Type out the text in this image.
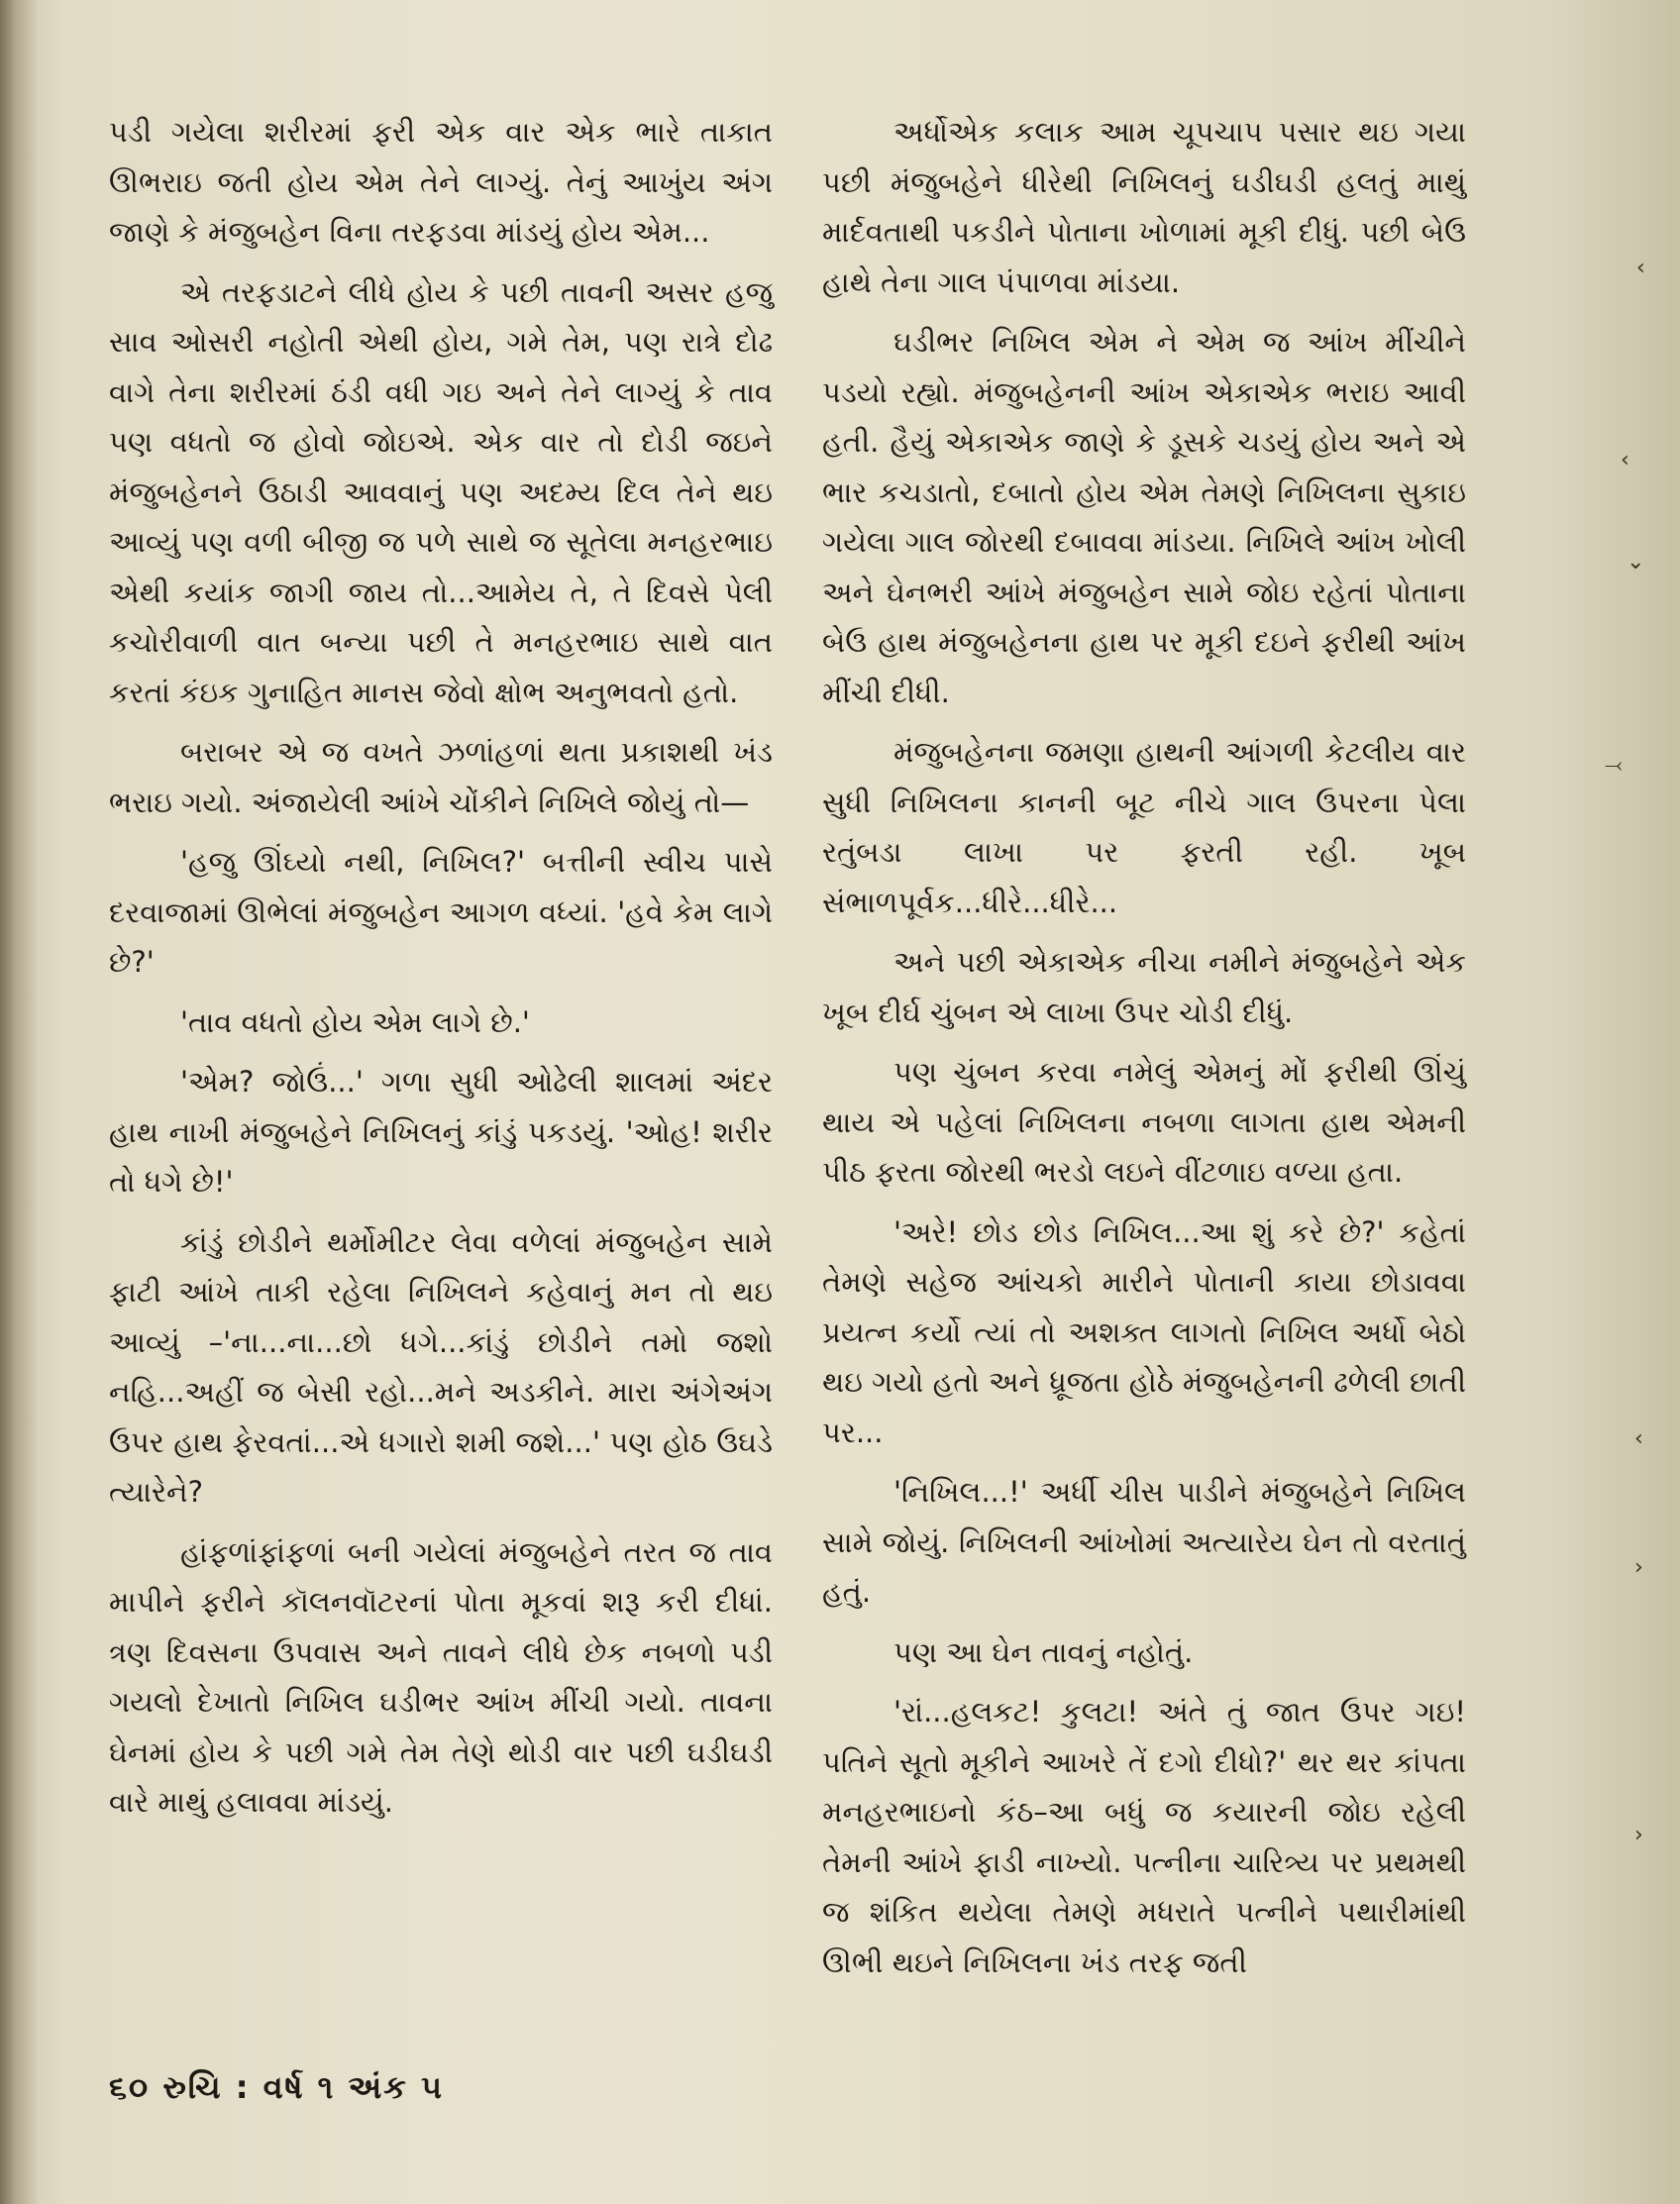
પડી ગયેલા શરીરમાં ફરી એક વાર એક ભારે તાકાત ઊભરાઇ જતી હોય એમ તેને લાગ્યું. તેનું આખુંય અંગ જાણે કે મંજુબહેન વિના તરફડવા માંડયું હોય એમ...

એ તરફડાટને લીધે હોય કે પછી તાવની અસર હજુ સાવ ઓસરી નહોતી એથી હોય, ગમે તેમ, પણ રાત્રે દોઢ વાગે તેના શરીરમાં ઠંડી વધી ગઇ અને તેને લાગ્યું કે તાવ પણ વધતો જ હોવો જોઇએ. એક વાર તો દોડી જઇને મંજુબહેનને ઉઠાડી આવવાનું પણ અદમ્ય દિલ તેને થઇ આવ્યું પણ વળી બીજી જ પળે સાથે જ સૂતેલા મનહરભાઇ એથી કયાંક જાગી જાય તો...આમેય તે, તે દિવસે પેલી કચોરીવાળી વાત બન્યા પછી તે મનહરભાઇ સાથે વાત કરતાં કંઇક ગુનાહિત માનસ જેવો ક્ષોભ અનુભવતો હતો.

બરાબર એ જ વખતે ઝળાંહળાં થતા પ્રકાશથી ખંડ ભરાઇ ગયો. અંજાયેલી આંખે ચોંકીને નિખિલે જોયું તો—

'હજુ ઊંઘ્યો નથી, નિખિલ?' બત્તીની સ્વીચ પાસે દરવાજામાં ઊભેલાં મંજુબહેન આગળ વધ્યાં. 'હવે કેમ લાગે છે?'

'તાવ વધતો હોય એમ લાગે છે.'

'એમ? જોઉં...' ગળા સુધી ઓઢેલી શાલમાં અંદર હાથ નાખી મંજુબહેને નિખિલનું કાંડું પકડયું. 'ઓહ! શરીર તો ધગે છે!'

કાંડું છોડીને થર્મોમીટર લેવા વળેલાં મંજુબહેન સામે ફાટી આંખે તાકી રહેલા નિખિલને કહેવાનું મન તો થઇ આવ્યું –'ના...ના...છો ધગે...કાંડું છોડીને તમો જશો નહિ...અહીં જ બેસી રહો...મને અડકીને. મારા અંગેઅંગ ઉપર હાથ ફેરવતાં...એ ધગારો શમી જશે...' પણ હોઠ ઉઘડે ત્યારેને?

હાંફળાંફાંફળાં બની ગયેલાં મંજુબહેને તરત જ તાવ માપીને ફરીને કૉલનવૉટરનાં પોતા મૂકવાં શરૂ કરી દીધાં. ત્રણ દિવસના ઉપવાસ અને તાવને લીધે છેક નબળો પડી ગયલો દેખાતો નિખિલ ઘડીભર આંખ મીંચી ગયો. તાવના ઘેનમાં હોય કે પછી ગમે તેમ તેણે થોડી વાર પછી ઘડીઘડી વારે માથું હલાવવા માંડયું.

અર્ધોએક કલાક આમ ચૂપચાપ પસાર થઇ ગયા પછી મંજુબહેને ધીરેથી નિખિલનું ઘડીઘડી હલતું માથું માર્દવતાથી પકડીને પોતાના ખોળામાં મૂકી દીધું. પછી બેઉ હાથે તેના ગાલ પંપાળવા માંડયા.

ઘડીભર નિખિલ એમ ને એમ જ આંખ મીંચીને પડયો રહ્યો. મંજુબહેનની આંખ એકાએક ભરાઇ આવી હતી. હૈયું એકાએક જાણે કે ડૂસકે ચડયું હોય અને એ ભાર કચડાતો, દબાતો હોય એમ તેમણે નિખિલના સુકાઇ ગયેલા ગાલ જોરથી દબાવવા માંડયા. નિખિલે આંખ ખોલી અને ઘેનભરી આંખે મંજુબહેન સામે જોઇ રહેતાં પોતાના બેઉ હાથ મંજુબહેનના હાથ પર મૂકી દઇને ફરીથી આંખ મીંચી દીધી.

મંજુબહેનના જમણા હાથની આંગળી કેટલીય વાર સુધી નિખિલના કાનની બૂટ નીચે ગાલ ઉપરના પેલા રતુંબડા લાખા પર ફરતી રહી. ખૂબ સંભાળપૂર્વક...ધીરે...ધીરે...

અને પછી એકાએક નીચા નમીને મંજુબહેને એક ખૂબ દીર્ઘ ચુંબન એ લાખા ઉપર ચોડી દીધું.

પણ ચુંબન કરવા નમેલું એમનું મોં ફરીથી ઊંચું થાય એ પહેલાં નિખિલના નબળા લાગતા હાથ એમની પીઠ ફરતા જોરથી ભરડો લઇને વીંટળાઇ વળ્યા હતા.

'અરે! છોડ છોડ નિખિલ...આ શું કરે છે?' કહેતાં તેમણે સહેજ આંચકો મારીને પોતાની કાયા છોડાવવા પ્રયત્ન કર્યો ત્યાં તો અશક્ત લાગતો નિખિલ અર્ધો બેઠો થઇ ગયો હતો અને ધ્રૂજતા હોઠે મંજુબહેનની ઢળેલી છાતી પર...

'નિખિલ...!' અર્ધી ચીસ પાડીને મંજુબહેને નિખિલ સામે જોયું. નિખિલની આંખોમાં અત્યારેય ઘેન તો વરતાતું હતું.

પણ આ ઘેન તાવનું નહોતું.

'રાં...હલકટ! કુલટા! અંતે તું જાત ઉપર ગઇ! પતિને સૂતો મૂકીને આખરે તેં દગો દીધો?' થર થર કાંપતા મનહરભાઇનો કંઠ–આ બધું જ કયારની જોઇ રહેલી તેમની આંખે ફાડી નાખ્યો. પત્નીના ચારિત્ર્ય પર પ્રથમથી જ શંકિત થયેલા તેમણે મધરાતે પત્નીને પથારીમાંથી ઊભી થઇને નિખિલના ખંડ તરફ જતી

૬૦ રુચિ : વર્ષ ૧ અંક ૫
‹
‹
⌄
⤙
‹
›
›
